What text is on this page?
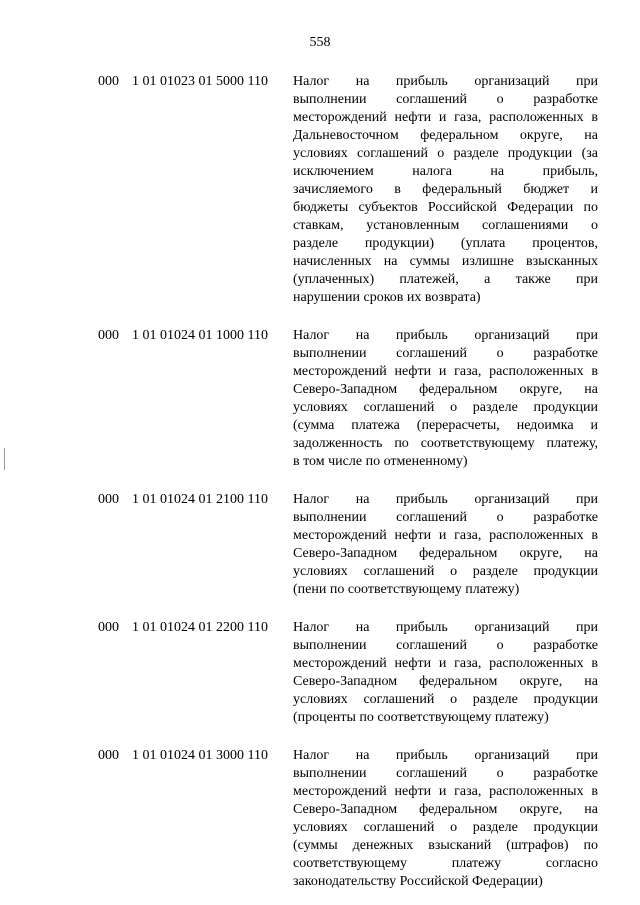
558
000 1 01 01023 01 5000 110 Налог на прибыль организаций при
выполнении соглашений о разработке
месторождений нефти и газа, расположенных в
Дальневосточном федеральном округе, на
условиях соглашений о разделе продукции (за
исключением налога на прибыль,
зачисляемого в федеральный бюджет и
бюджеты субъектов Российской Федерации по
ставкам, установленным соглашениями о
разделе продукции) (уплата процентов,
начисленных на суммы излишне взысканных
(уплаченных) платежей, а также при
нарушении сроков их возврата)
000 1 01 01024 01 1000 110 Налог на прибыль организаций при
выполнении соглашений о разработке
месторождений нефти и газа, расположенных в
Северо-Западном федеральном округе, на
условиях соглашений о разделе продукции
(сумма платежа (перерасчеты, недоимка и
задолженность по соответствующему платежу,
в том числе по отмененному)
000 1 01 01024 01 2100 110 Налог на прибыль организаций при
выполнении соглашений о разработке
месторождений нефти и газа, расположенных в
Северо-Западном федеральном округе, на
условиях соглашений о разделе продукции
(пени по соответствующему платежу)
000 1 01 01024 01 2200 110 Налог на прибыль организаций при
выполнении соглашений о разработке
месторождений нефти и газа, расположенных в
Северо-Западном федеральном округе, на
условиях соглашений о разделе продукции
(проценты по соответствующему платежу)
000 1 01 01024 01 3000 110 Налог на прибыль организаций при
выполнении соглашений о разработке
месторождений нефти и газа, расположенных в
Северо-Западном федеральном округе, на
условиях соглашений о разделе продукции
(суммы денежных взысканий (штрафов) по
соответствующему платежу согласно
законодательству Российской Федерации)
